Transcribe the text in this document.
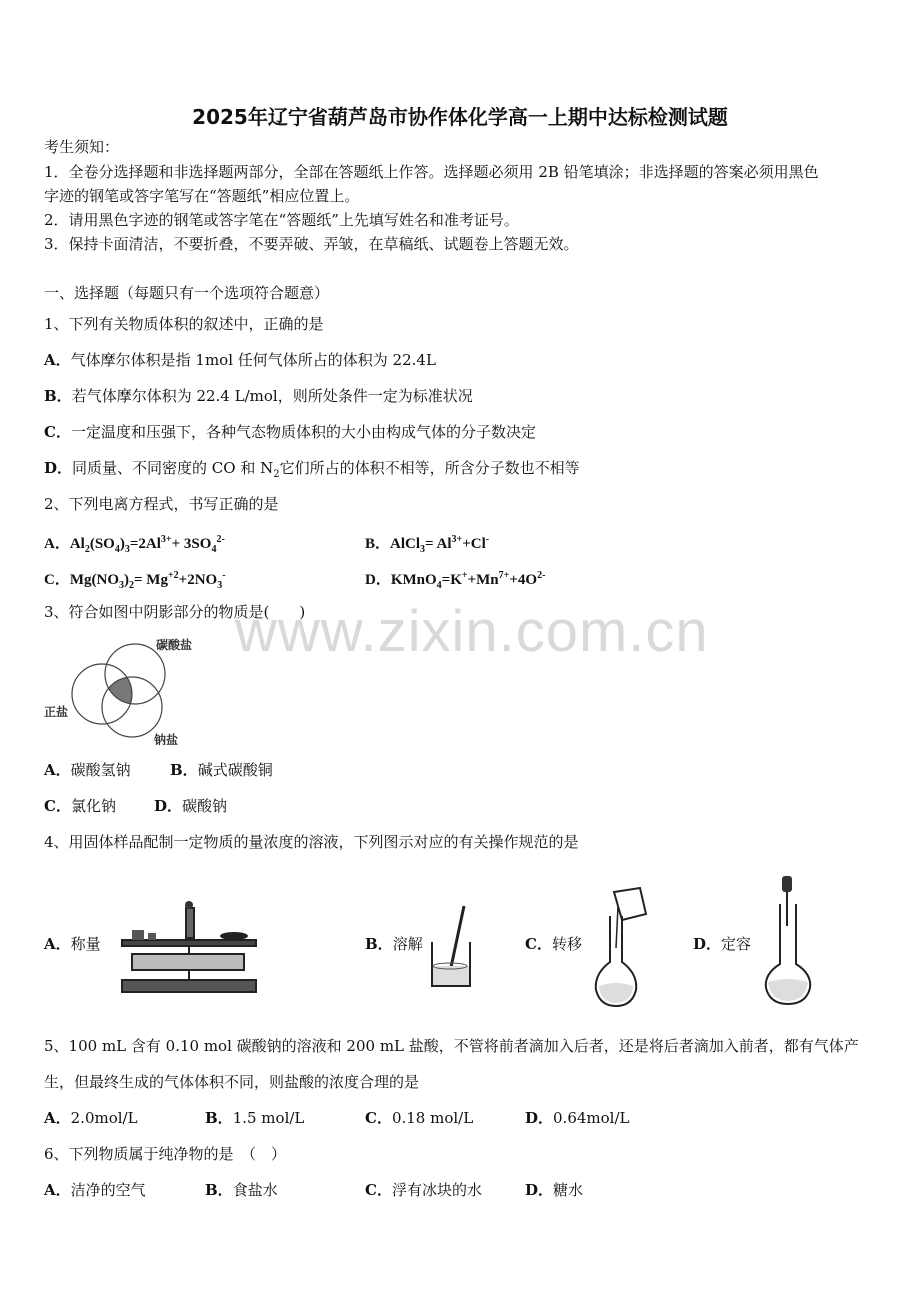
2025年辽宁省葫芦岛市协作体化学高一上期中达标检测试题
考生须知：
1．全卷分选择题和非选择题两部分，全部在答题纸上作答。选择题必须用 2B 铅笔填涂；非选择题的答案必须用黑色
字迹的钢笔或答字笔写在“答题纸”相应位置上。
2．请用黑色字迹的钢笔或答字笔在“答题纸”上先填写姓名和准考证号。
3．保持卡面清洁，不要折叠，不要弄破、弄皱，在草稿纸、试题卷上答题无效。
一、选择题（每题只有一个选项符合题意）
1、下列有关物质体积的叙述中，正确的是
A．气体摩尔体积是指 1mol 任何气体所占的体积为 22.4L
B．若气体摩尔体积为 22.4 L/mol，则所处条件一定为标准状况
C．一定温度和压强下，各种气态物质体积的大小由构成气体的分子数决定
D．同质量、不同密度的 CO 和 $N_2$它们所占的体积不相等，所含分子数也不相等
2、下列电离方程式，书写正确的是
A．$Al_2(SO_4)_3=2Al^{3+}+ 3SO_4^{2-}$	B．AlCl$_3$= $Al^{3+}+Cl^-$
C．$Mg(NO_3)_2= Mg^{+2}+2NO_3^-$	D．$KMnO_4=K^++Mn^{7+}+4O^{2-}$
3、符合如图中阴影部分的物质是(　　)
www.zixin.com.cn
碳酸盐
正盐
钠盐
A．碳酸氢钠	B．碱式碳酸铜
C．氯化钠	D．碳酸钠
4、用固体样品配制一定物质的量浓度的溶液，下列图示对应的有关操作规范的是
A．称量	B．溶解	C．转移	D．定容
5、100 mL 含有 0.10 mol 碳酸钠的溶液和 200 mL 盐酸，不管将前者滴加入后者，还是将后者滴加入前者，都有气体产
生，但最终生成的气体体积不同，则盐酸的浓度合理的是
A．2.0mol/L	B．1.5 mol/L	C．0.18 mol/L	D．0.64mol/L
6、下列物质属于纯净物的是　（　）
A．洁净的空气	B．食盐水	C．浮有冰块的水	D．糖水
